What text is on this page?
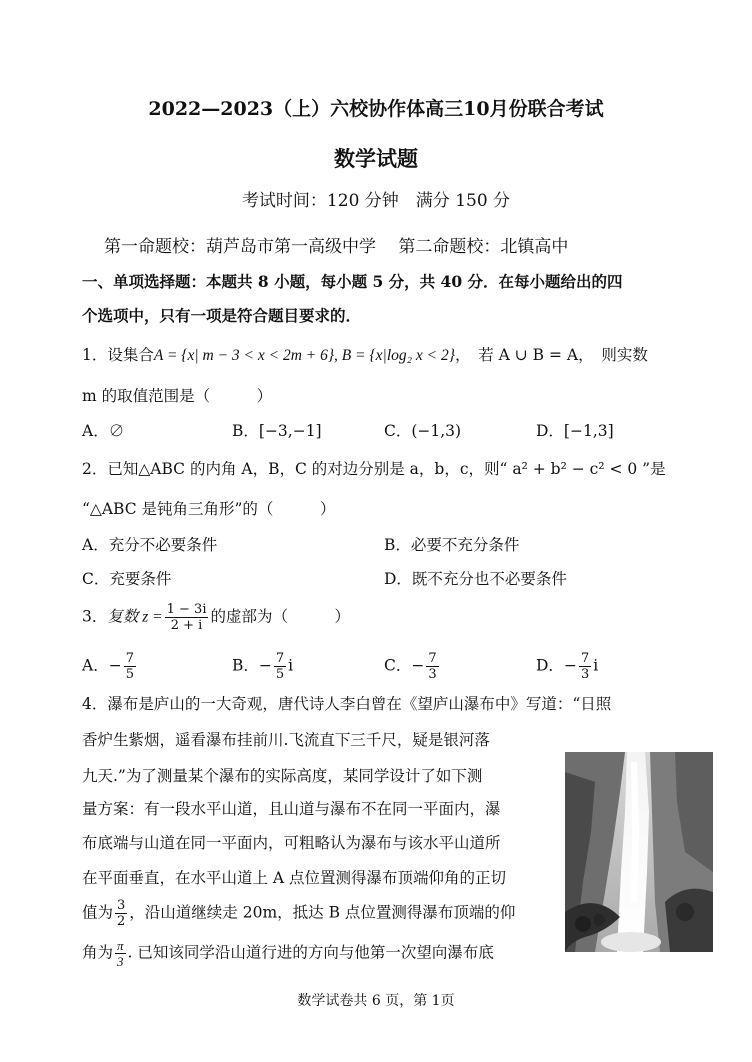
2022—2023（上）六校协作体高三10月份联合考试
数学试题
考试时间：120 分钟　满分 150 分
第一命题校：葫芦岛市第一高级中学　 第二命题校：北镇高中
一、单项选择题：本题共 8 小题，每小题 5 分，共 40 分．在每小题给出的四
个选项中，只有一项是符合题目要求的．
1．设集合A = {x| m − 3 < x < 2m + 6}, B = {x|log₂ x < 2}，　若 A ∪ B = A，　则实数
m 的取值范围是（　　　）
A．∅	B．[−3,−1]	C．(−1,3)	D．[−1,3]
2．已知△ABC 的内角 A，B，C 的对边分别是 a，b，c，则“ a² + b² − c² < 0 ”是
“△ABC 是钝角三角形”的（　　　）
A．充分不必要条件	B．必要不充分条件
C．充要条件	D．既不充分也不必要条件
3．复数 $z = \frac{1 - 3i}{2 + i}$ 的虚部为（　　　）
A．− $\frac{7}{5}$	B．− $\frac{7}{5}$ i	C．− $\frac{7}{3}$	D．− $\frac{7}{3}$ i
4．瀑布是庐山的一大奇观，唐代诗人李白曾在《望庐山瀑布中》写道：“日照
香炉生紫烟，遥看瀑布挂前川.飞流直下三千尺，疑是银河落
九天.”为了测量某个瀑布的实际高度，某同学设计了如下测
量方案：有一段水平山道，且山道与瀑布不在同一平面内，瀑
布底端与山道在同一平面内，可粗略认为瀑布与该水平山道所
在平面垂直，在水平山道上 A 点位置测得瀑布顶端仰角的正切
值为 $\frac{3}{2}$ ，沿山道继续走 20m，抵达 B 点位置测得瀑布顶端的仰
角为 $\frac{\pi}{3}$ . 已知该同学沿山道行进的方向与他第一次望向瀑布底
数学试卷共 6 页，第 1页
